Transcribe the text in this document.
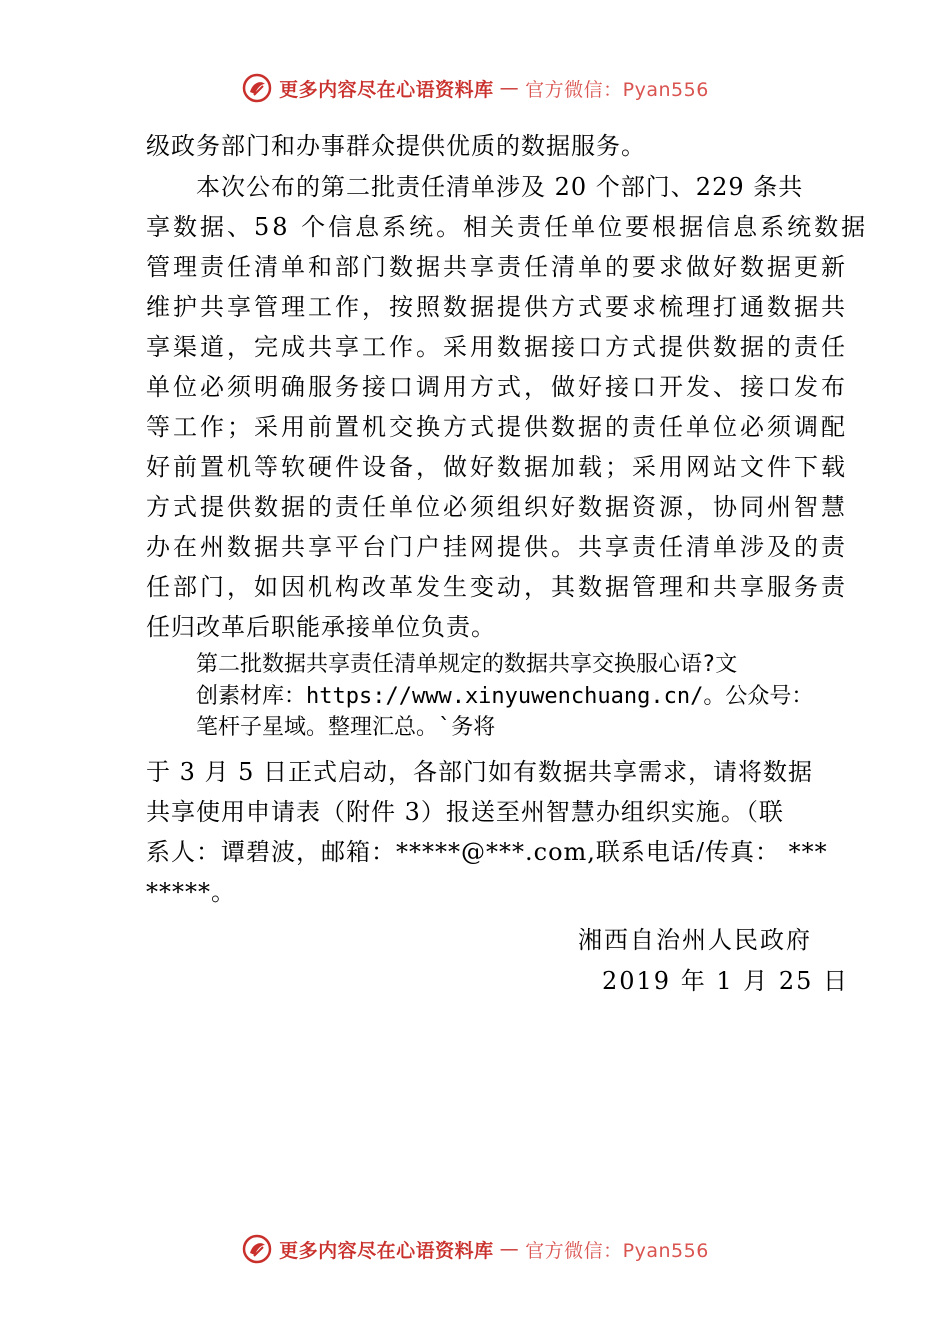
更多内容尽在心语资料库 — 官方微信：Pyan556
级政务部门和办事群众提供优质的数据服务。
本次公布的第二批责任清单涉及 20 个部门、229 条共
享数据、58 个信息系统。相关责任单位要根据信息系统数据
管理责任清单和部门数据共享责任清单的要求做好数据更新
维护共享管理工作，按照数据提供方式要求梳理打通数据共
享渠道，完成共享工作。采用数据接口方式提供数据的责任
单位必须明确服务接口调用方式，做好接口开发、接口发布
等工作；采用前置机交换方式提供数据的责任单位必须调配
好前置机等软硬件设备，做好数据加载；采用网站文件下载
方式提供数据的责任单位必须组织好数据资源，协同州智慧
办在州数据共享平台门户挂网提供。共享责任清单涉及的责
任部门，如因机构改革发生变动，其数据管理和共享服务责
任归改革后职能承接单位负责。
第二批数据共享责任清单规定的数据共享交换服心语?文
创素材库：https://www.xinyuwenchuang.cn/。公众号：
笔杆子星域。整理汇总。`务将
于 3 月 5 日正式启动，各部门如有数据共享需求，请将数据
共享使用申请表（附件 3）报送至州智慧办组织实施。（联
系人：谭碧波，邮箱：*****@***.com,联系电话/传真： ***
*****。
湘西自治州人民政府
2019 年 1 月 25 日
更多内容尽在心语资料库 — 官方微信：Pyan556
